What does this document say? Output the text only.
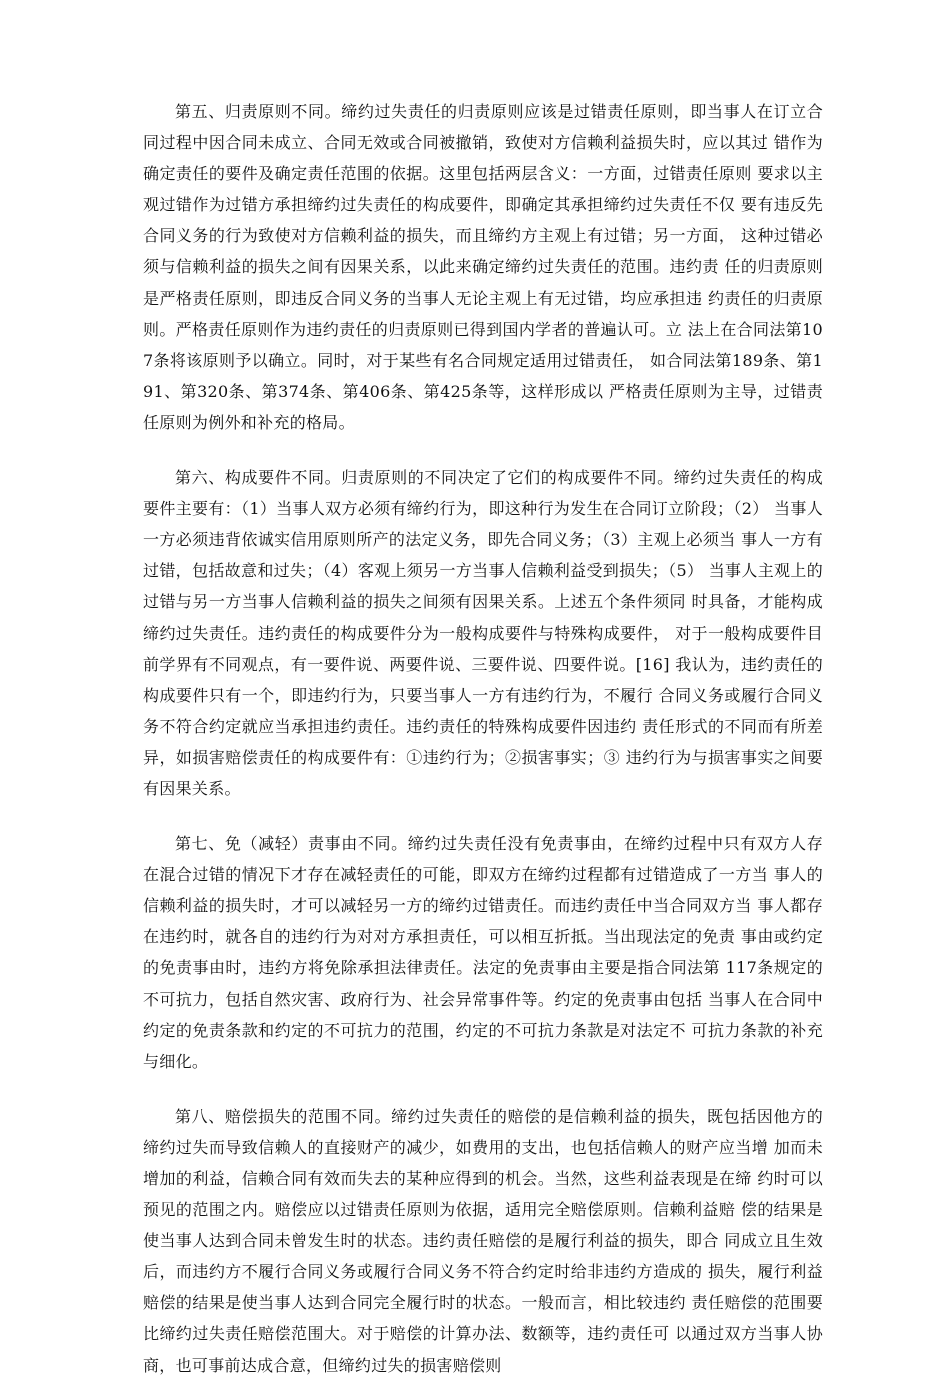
第五、归责原则不同。缔约过失责任的归责原则应该是过错责任原则，即当事人在订立合同过程中因合同未成立、合同无效或合同被撤销，致使对方信赖利益损失时，应以其过 错作为确定责任的要件及确定责任范围的依据。这里包括两层含义：一方面，过错责任原则 要求以主观过错作为过错方承担缔约过失责任的构成要件，即确定其承担缔约过失责任不仅 要有违反先合同义务的行为致使对方信赖利益的损失，而且缔约方主观上有过错；另一方面， 这种过错必须与信赖利益的损失之间有因果关系，以此来确定缔约过失责任的范围。违约责 任的归责原则是严格责任原则，即违反合同义务的当事人无论主观上有无过错，均应承担违 约责任的归责原则。严格责任原则作为违约责任的归责原则已得到国内学者的普遍认可。立 法上在合同法第107条将该原则予以确立。同时，对于某些有名合同规定适用过错责任， 如合同法第189条、第191、第320条、第374条、第406条、第425条等，这样形成以 严格责任原则为主导，过错责任原则为例外和补充的格局。

第六、构成要件不同。归责原则的不同决定了它们的构成要件不同。缔约过失责任的构成要件主要有：（1）当事人双方必须有缔约行为，即这种行为发生在合同订立阶段；（2） 当事人一方必须违背依诚实信用原则所产的法定义务，即先合同义务；（3）主观上必须当 事人一方有过错，包括故意和过失；（4）客观上须另一方当事人信赖利益受到损失；（5） 当事人主观上的过错与另一方当事人信赖利益的损失之间须有因果关系。上述五个条件须同 时具备，才能构成缔约过失责任。违约责任的构成要件分为一般构成要件与特殊构成要件， 对于一般构成要件目前学界有不同观点，有一要件说、两要件说、三要件说、四要件说。[16] 我认为，违约责任的构成要件只有一个，即违约行为，只要当事人一方有违约行为，不履行 合同义务或履行合同义务不符合约定就应当承担违约责任。违约责任的特殊构成要件因违约 责任形式的不同而有所差异，如损害赔偿责任的构成要件有：①违约行为；②损害事实；③ 违约行为与损害事实之间要有因果关系。

第七、免（减轻）责事由不同。缔约过失责任没有免责事由，在缔约过程中只有双方人存在混合过错的情况下才存在减轻责任的可能，即双方在缔约过程都有过错造成了一方当 事人的信赖利益的损失时，才可以减轻另一方的缔约过错责任。而违约责任中当合同双方当 事人都存在违约时，就各自的违约行为对对方承担责任，可以相互折抵。当出现法定的免责 事由或约定的免责事由时，违约方将免除承担法律责任。法定的免责事由主要是指合同法第 117条规定的不可抗力，包括自然灾害、政府行为、社会异常事件等。约定的免责事由包括 当事人在合同中约定的免责条款和约定的不可抗力的范围，约定的不可抗力条款是对法定不 可抗力条款的补充与细化。

第八、赔偿损失的范围不同。缔约过失责任的赔偿的是信赖利益的损失，既包括因他方的缔约过失而导致信赖人的直接财产的减少，如费用的支出，也包括信赖人的财产应当增 加而未增加的利益，信赖合同有效而失去的某种应得到的机会。当然，这些利益表现是在缔 约时可以预见的范围之内。赔偿应以过错责任原则为依据，适用完全赔偿原则。信赖利益赔 偿的结果是使当事人达到合同未曾发生时的状态。违约责任赔偿的是履行利益的损失，即合 同成立且生效后，而违约方不履行合同义务或履行合同义务不符合约定时给非违约方造成的 损失，履行利益赔偿的结果是使当事人达到合同完全履行时的状态。一般而言，相比较违约 责任赔偿的范围要比缔约过失责任赔偿范围大。对于赔偿的计算办法、数额等，违约责任可 以通过双方当事人协商，也可事前达成合意，但缔约过失的损害赔偿则
